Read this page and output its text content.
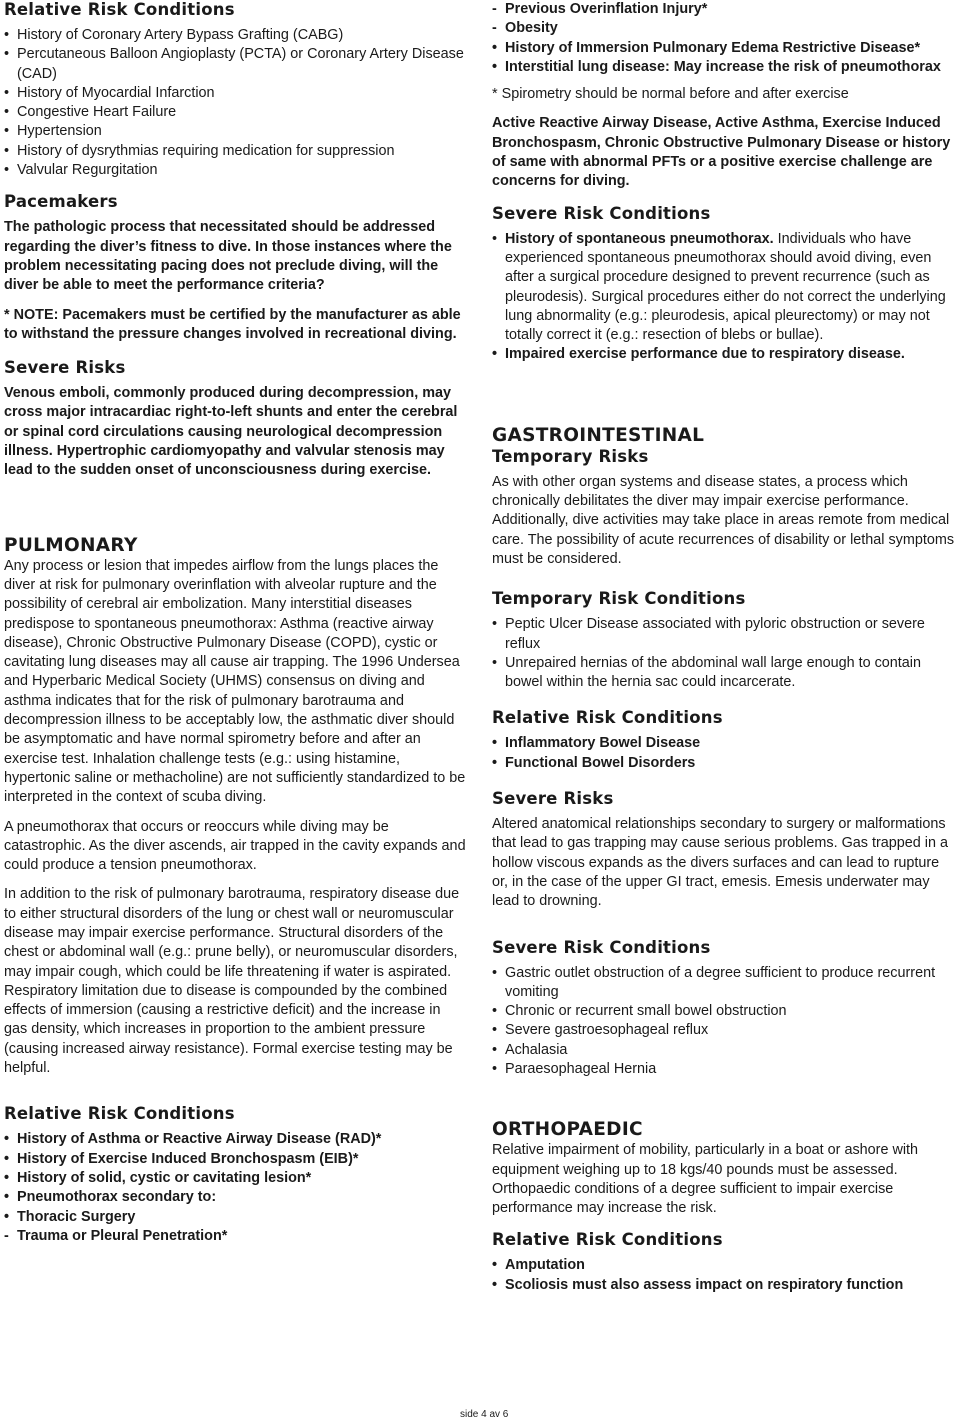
Relative Risk Conditions
• History of Coronary Artery Bypass Grafting (CABG)
• Percutaneous Balloon Angioplasty (PCTA) or Coronary Artery Disease (CAD)
• History of Myocardial Infarction
• Congestive Heart Failure
• Hypertension
• History of dysrythmias requiring medication for suppression
• Valvular Regurgitation
Pacemakers

The pathologic process that necessitated should be addressed regarding the diver’s fitness to dive. In those instances where the problem necessitating pacing does not preclude diving, will the diver be able to meet the performance criteria?

* NOTE: Pacemakers must be certified by the manufacturer as able to withstand the pressure changes involved in recreational diving.

Severe Risks

Venous emboli, commonly produced during decompression, may cross major intracardiac right-to-left shunts and enter the cerebral or spinal cord circulations causing neurological decompression illness. Hypertrophic cardiomyopathy and valvular stenosis may lead to the sudden onset of unconsciousness during exercise.

PULMONARY

Any process or lesion that impedes airflow from the lungs places the diver at risk for pulmonary overinflation with alveolar rupture and the possibility of cerebral air embolization. Many interstitial diseases predispose to spontaneous pneumothorax: Asthma (reactive airway disease), Chronic Obstructive Pulmonary Disease (COPD), cystic or cavitating lung diseases may all cause air trapping. The 1996 Undersea and Hyperbaric Medical Society (UHMS) consensus on diving and asthma indicates that for the risk of pulmonary barotrauma and decompression illness to be acceptably low, the asthmatic diver should be asymptomatic and have normal spirometry before and after an exercise test. Inhalation challenge tests (e.g.: using histamine, hypertonic saline or methacholine) are not sufficiently standardized to be interpreted in the context of scuba diving.

A pneumothorax that occurs or reoccurs while diving may be catastrophic. As the diver ascends, air trapped in the cavity expands and could produce a tension pneumothorax.

In addition to the risk of pulmonary barotrauma, respiratory disease due to either structural disorders of the lung or chest wall or neuromuscular disease may impair exercise performance. Structural disorders of the chest or abdominal wall (e.g.: prune belly), or neuromuscular disorders, may impair cough, which could be life threatening if water is aspirated. Respiratory limitation due to disease is compounded by the combined effects of immersion (causing a restrictive deficit) and the increase in gas density, which increases in proportion to the ambient pressure (causing increased airway resistance). Formal exercise testing may be helpful.

Relative Risk Conditions
• History of Asthma or Reactive Airway Disease (RAD)*
• History of Exercise Induced Bronchospasm (EIB)*
• History of solid, cystic or cavitating lesion*
• Pneumothorax secondary to:
• Thoracic Surgery
- Trauma or Pleural Penetration*
- Previous Overinflation Injury*
- Obesity
• History of Immersion Pulmonary Edema Restrictive Disease*
• Interstitial lung disease: May increase the risk of pneumothorax

* Spirometry should be normal before and after exercise

Active Reactive Airway Disease, Active Asthma, Exercise Induced Bronchospasm, Chronic Obstructive Pulmonary Disease or history of same with abnormal PFTs or a positive exercise challenge are concerns for diving.

Severe Risk Conditions
• History of spontaneous pneumothorax. Individuals who have experienced spontaneous pneumothorax should avoid diving, even after a surgical procedure designed to prevent recurrence (such as pleurodesis). Surgical procedures either do not correct the underlying lung abnormality (e.g.: pleurodesis, apical pleurectomy) or may not totally correct it (e.g.: resection of blebs or bullae).
• Impaired exercise performance due to respiratory disease.
GASTROINTESTINAL
Temporary Risks

As with other organ systems and disease states, a process which chronically debilitates the diver may impair exercise performance. Additionally, dive activities may take place in areas remote from medical care. The possibility of acute recurrences of disability or lethal symptoms must be considered.

Temporary Risk Conditions
• Peptic Ulcer Disease associated with pyloric obstruction or severe reflux
• Unrepaired hernias of the abdominal wall large enough to contain bowel within the hernia sac could incarcerate.
Relative Risk Conditions
• Inflammatory Bowel Disease
• Functional Bowel Disorders
Severe Risks

Altered anatomical relationships secondary to surgery or malformations that lead to gas trapping may cause serious problems. Gas trapped in a hollow viscous expands as the divers surfaces and can lead to rupture or, in the case of the upper GI tract, emesis. Emesis underwater may lead to drowning.

Severe Risk Conditions
• Gastric outlet obstruction of a degree sufficient to produce recurrent vomiting
• Chronic or recurrent small bowel obstruction
• Severe gastroesophageal reflux
• Achalasia
• Paraesophageal Hernia
ORTHOPAEDIC

Relative impairment of mobility, particularly in a boat or ashore with equipment weighing up to 18 kgs/40 pounds must be assessed. Orthopaedic conditions of a degree sufficient to impair exercise performance may increase the risk.

Relative Risk Conditions
• Amputation
• Scoliosis must also assess impact on respiratory function
side 4 av 6
